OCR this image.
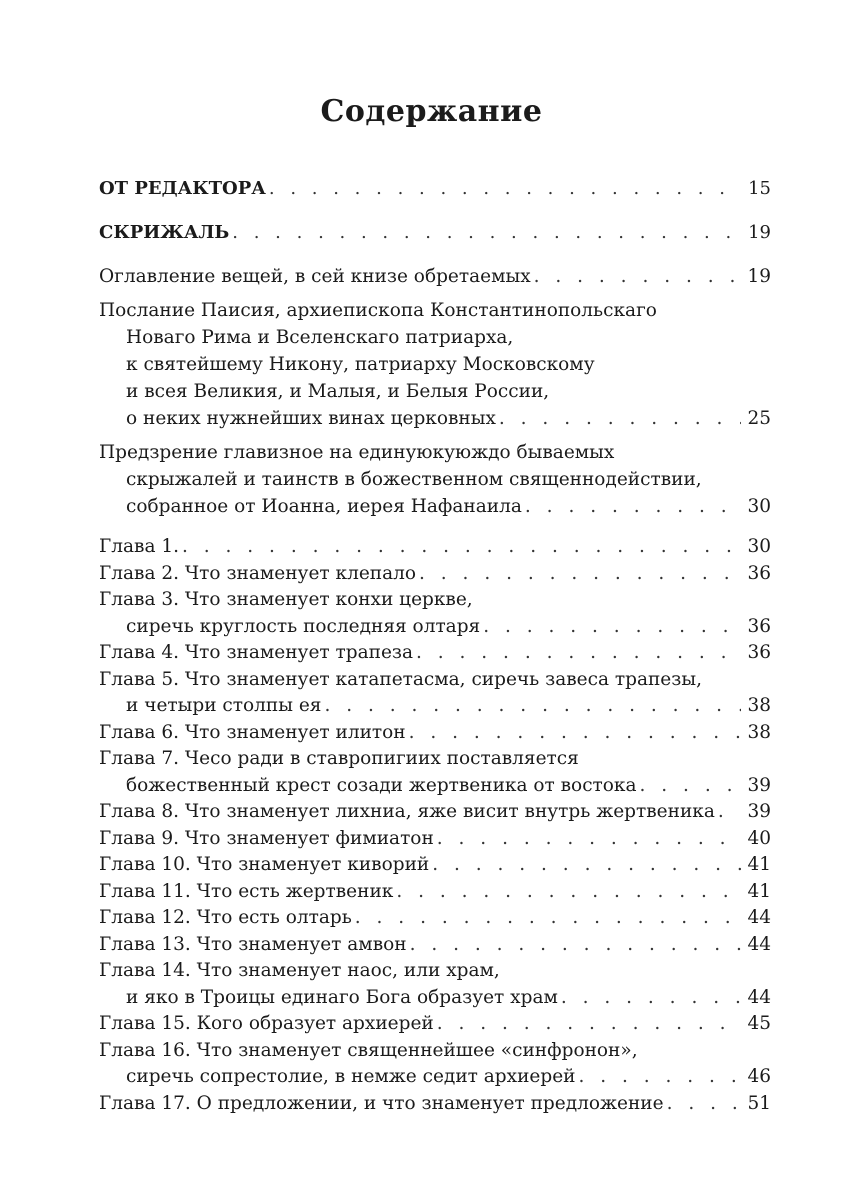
Содержание
ОТ РЕДАКТОРА . . .	15
СКРИЖАЛЬ . . .	19
Оглавление вещей, в сей книзе обретаемых . . .	19
Послание Паисия, архиепископа Константинопольскаго
Новаго Рима и Вселенскаго патриарха,
к святейшему Никону, патриарху Московскому
и всея Великия, и Малыя, и Белыя России,
о неких нужнейших винах церковных . . .	25
Предзрение главизное на единуюкуюждо бываемых
скрыжалей и таинств в божественном священнодействии,
собранное от Иоанна, иерея Нафанаила . . .	30
Глава 1. . . .	30
Глава 2. Что знаменует клепало . . .	36
Глава 3. Что знаменует конхи церкве,
сиречь круглость последняя олтаря . . .	36
Глава 4. Что знаменует трапеза . . .	36
Глава 5. Что знаменует катапетасма, сиречь завеса трапезы,
и четыри столпы ея . . .	38
Глава 6. Что знаменует илитон . . .	38
Глава 7. Чесо ради в ставропигиих поставляется
божественный крест созади жертвеника от востока . . .	39
Глава 8. Что знаменует лихниа, яже висит внутрь жертвеника . . . 39
Глава 9. Что знаменует фимиатон . . .	40
Глава 10. Что знаменует киворий . . .	41
Глава 11. Что есть жертвеник . . .	41
Глава 12. Что есть олтарь . . .	44
Глава 13. Что знаменует амвон . . .	44
Глава 14. Что знаменует наос, или храм,
и яко в Троицы единаго Бога образует храм . . .	44
Глава 15. Кого образует архиерей . . .	45
Глава 16. Что знаменует священнейшее «синфронон»,
сиречь сопрестолие, в немже седит архиерей . . .	46
Глава 17. О предложении, и что знаменует предложение . . .	51
